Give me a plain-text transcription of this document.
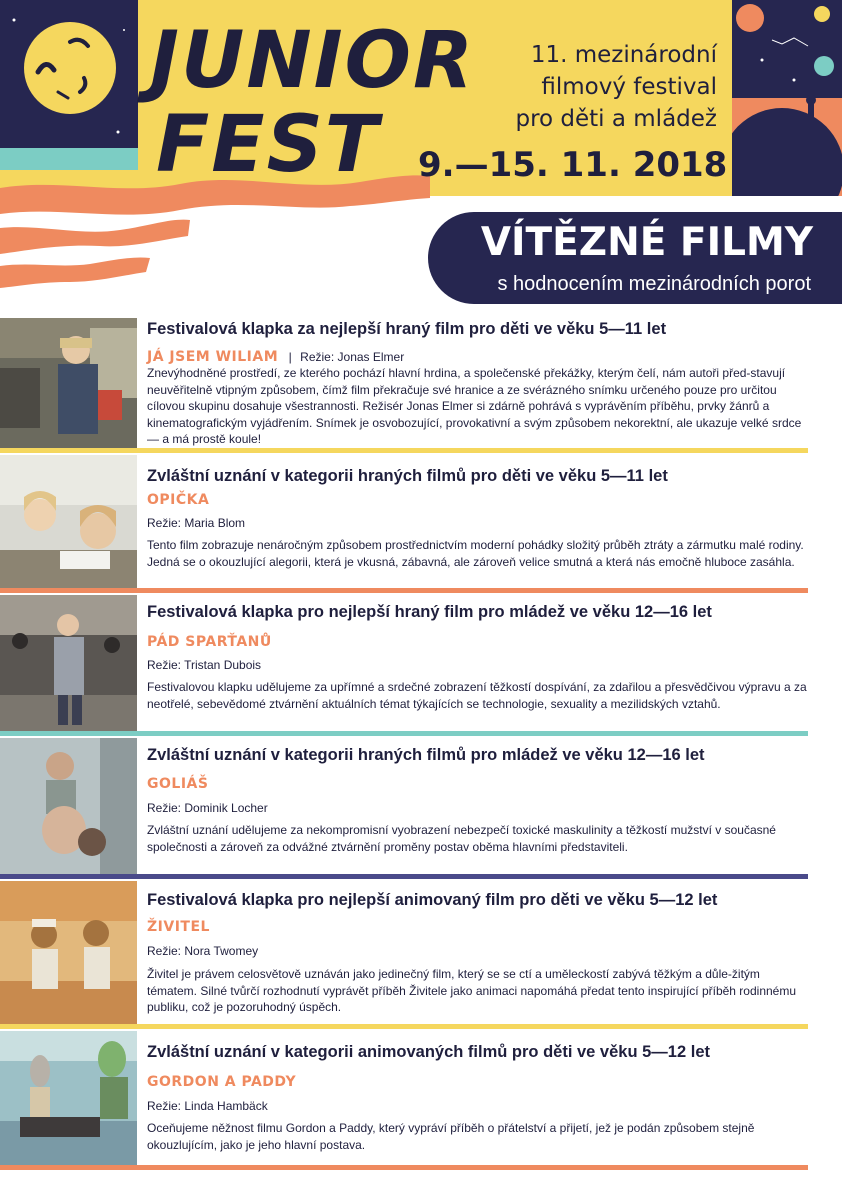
JUNIOR
FEST
11. mezinárodní
filmový festival
pro děti a mládež
9.—15. 11. 2018
VÍTĚZNÉ FILMY
s hodnocením mezinárodních porot
Festivalová klapka za nejlepší hraný film pro děti ve věku 5—11 let
JÁ JSEM WILIAM | Režie: Jonas Elmer
Znevýhodněné prostředí, ze kterého pochází hlavní hrdina, a společenské překážky, kterým čelí, nám autoři před-stavují neuvěřitelně vtipným způsobem, čímž film překračuje své hranice a ze svérázného snímku určeného pouze pro určitou cílovou skupinu dosahuje všestrannosti. Režisér Jonas Elmer si zdárně pohrává s vyprávěním příběhu, prvky žánrů a kinematografickým vyjádřením. Snímek je osvobozující, provokativní a svým způsobem nekorektní, ale ukazuje velké srdce — a má prostě koule!
Zvláštní uznání v kategorii hraných filmů pro děti ve věku 5—11 let
OPIČKA
Režie: Maria Blom
Tento film zobrazuje nenáročným způsobem prostřednictvím moderní pohádky složitý průběh ztráty a zármutku malé rodiny. Jedná se o okouzlující alegorii, která je vkusná, zábavná, ale zároveň velice smutná a která nás emočně hluboce zasáhla.
Festivalová klapka pro nejlepší hraný film pro mládež ve věku 12—16 let
PÁD SPARŤANŮ
Režie: Tristan Dubois
Festivalovou klapku udělujeme za upřímné a srdečné zobrazení těžkostí dospívání, za zdařilou a přesvědčivou výpravu a za neotřelé, sebevědomé ztvárnění aktuálních témat týkajících se technologie, sexuality a mezilidských vztahů.
Zvláštní uznání v kategorii hraných filmů pro mládež ve věku 12—16 let
GOLIÁŠ
Režie: Dominik Locher
Zvláštní uznání udělujeme za nekompromisní vyobrazení nebezpečí toxické maskulinity a těžkostí mužství v současné společnosti a zároveň za odvážné ztvárnění proměny postav oběma hlavními představiteli.
Festivalová klapka pro nejlepší animovaný film pro děti ve věku 5—12 let
ŽIVITEL
Režie: Nora Twomey
Živitel je právem celosvětově uznáván jako jedinečný film, který se se ctí a uměleckostí zabývá těžkým a důle-žitým tématem. Silné tvůrčí rozhodnutí vyprávět příběh Živitele jako animaci napomáhá předat tento inspirující příběh rodinnému publiku, což je pozoruhodný úspěch.
Zvláštní uznání v kategorii animovaných filmů pro děti ve věku 5—12 let
GORDON A PADDY
Režie: Linda Hambäck
Oceňujeme něžnost filmu Gordon a Paddy, který vypráví příběh o přátelství a přijetí, jež je podán způsobem stejně okouzlujícím, jako je jeho hlavní postava.
